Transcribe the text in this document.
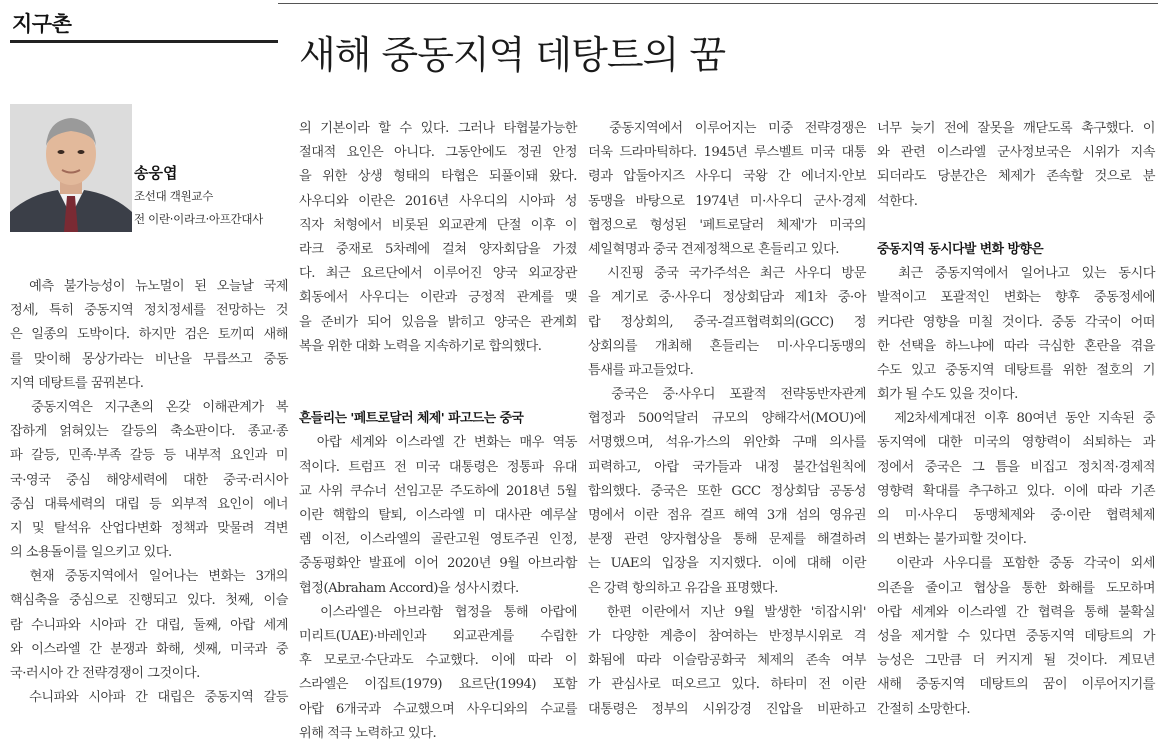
지구촌
새해 중동지역 데탕트의 꿈
송웅엽
조선대 객원교수
전 이란·이라크·아프간대사
　예측 불가능성이 뉴노멀이 된 오늘날 국제
정세, 특히 중동지역 정치정세를 전망하는 것
은 일종의 도박이다. 하지만 검은 토끼띠 새해
를 맞이해 몽상가라는 비난을 무릅쓰고 중동
지역 데탕트를 꿈꿔본다.
　중동지역은 지구촌의 온갖 이해관계가 복
잡하게 얽혀있는 갈등의 축소판이다. 종교·종
파 갈등, 민족·부족 갈등 등 내부적 요인과 미
국·영국 중심 해양세력에 대한 중국·러시아
중심 대륙세력의 대립 등 외부적 요인이 에너
지 및 탈석유 산업다변화 정책과 맞물려 격변
의 소용돌이를 일으키고 있다.
　현재 중동지역에서 일어나는 변화는 3개의
핵심축을 중심으로 진행되고 있다. 첫째, 이슬
람 수니파와 시아파 간 대립, 둘째, 아랍 세계
와 이스라엘 간 분쟁과 화해, 셋째, 미국과 중
국·러시아 간 전략경쟁이 그것이다.
　수니파와 시아파 간 대립은 중동지역 갈등
의 기본이라 할 수 있다. 그러나 타협불가능한
절대적 요인은 아니다. 그동안에도 정권 안정
을 위한 상생 형태의 타협은 되풀이돼 왔다.
사우디와 이란은 2016년 사우디의 시아파 성
직자 처형에서 비롯된 외교관계 단절 이후 이
라크 중재로 5차례에 걸쳐 양자회담을 가졌
다. 최근 요르단에서 이루어진 양국 외교장관
회동에서 사우디는 이란과 긍정적 관계를 맺
을 준비가 되어 있음을 밝히고 양국은 관계회
복을 위한 대화 노력을 지속하기로 합의했다.
흔들리는 '페트로달러 체제' 파고드는 중국
　아랍 세계와 이스라엘 간 변화는 매우 역동
적이다. 트럼프 전 미국 대통령은 정통파 유대
교 사위 쿠슈너 선임고문 주도하에 2018년 5월
이란 핵합의 탈퇴, 이스라엘 미 대사관 예루살
렘 이전, 이스라엘의 골란고원 영토주권 인정,
중동평화안 발표에 이어 2020년 9월 아브라함
협정(Abraham Accord)을 성사시켰다.
　이스라엘은 아브라함 협정을 통해 아랍에
미리트(UAE)·바레인과 외교관계를 수립한
후 모로코·수단과도 수교했다. 이에 따라 이
스라엘은 이집트(1979) 요르단(1994) 포함
아랍 6개국과 수교했으며 사우디와의 수교를
위해 적극 노력하고 있다.
　중동지역에서 이루어지는 미중 전략경쟁은
더욱 드라마틱하다. 1945년 루스벨트 미국 대통
령과 압둘아지즈 사우디 국왕 간 에너지·안보
동맹을 바탕으로 1974년 미·사우디 군사·경제
협정으로 형성된 '페트로달러 체제'가 미국의
셰일혁명과 중국 견제정책으로 흔들리고 있다.
　시진핑 중국 국가주석은 최근 사우디 방문
을 계기로 중·사우디 정상회담과 제1차 중·아
랍 정상회의, 중국-걸프협력회의(GCC) 정
상회의를 개최해 흔들리는 미·사우디동맹의
틈새를 파고들었다.
　중국은 중·사우디 포괄적 전략동반자관계
협정과 500억달러 규모의 양해각서(MOU)에
서명했으며, 석유·가스의 위안화 구매 의사를
피력하고, 아랍 국가들과 내정 불간섭원칙에
합의했다. 중국은 또한 GCC 정상회담 공동성
명에서 이란 점유 걸프 해역 3개 섬의 영유권
분쟁 관련 양자협상을 통해 문제를 해결하려
는 UAE의 입장을 지지했다. 이에 대해 이란
은 강력 항의하고 유감을 표명했다.
　한편 이란에서 지난 9월 발생한 '히잡시위'
가 다양한 계층이 참여하는 반정부시위로 격
화됨에 따라 이슬람공화국 체제의 존속 여부
가 관심사로 떠오르고 있다. 하타미 전 이란
대통령은 정부의 시위강경 진압을 비판하고
너무 늦기 전에 잘못을 깨닫도록 촉구했다. 이
와 관련 이스라엘 군사정보국은 시위가 지속
되더라도 당분간은 체제가 존속할 것으로 분
석한다.
중동지역 동시다발 변화 방향은
　최근 중동지역에서 일어나고 있는 동시다
발적이고 포괄적인 변화는 향후 중동정세에
커다란 영향을 미칠 것이다. 중동 각국이 어떠
한 선택을 하느냐에 따라 극심한 혼란을 겪을
수도 있고 중동지역 데탕트를 위한 절호의 기
회가 될 수도 있을 것이다.
　제2차세계대전 이후 80여년 동안 지속된 중
동지역에 대한 미국의 영향력이 쇠퇴하는 과
정에서 중국은 그 틈을 비집고 정치적·경제적
영향력 확대를 추구하고 있다. 이에 따라 기존
의 미·사우디 동맹체제와 중·이란 협력체제
의 변화는 불가피할 것이다.
　이란과 사우디를 포함한 중동 각국이 외세
의존을 줄이고 협상을 통한 화해를 도모하며
아랍 세계와 이스라엘 간 협력을 통해 불확실
성을 제거할 수 있다면 중동지역 데탕트의 가
능성은 그만큼 더 커지게 될 것이다. 계묘년
새해 중동지역 데탕트의 꿈이 이루어지기를
간절히 소망한다.
